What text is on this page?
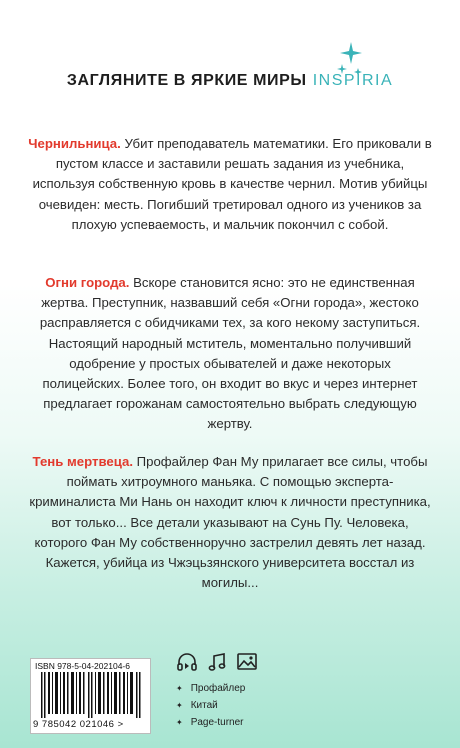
ЗАГЛЯНИТЕ В ЯРКИЕ МИРЫ INSPIRIA
Чернильница. Убит преподаватель математики. Его приковали в пустом классе и заставили решать задания из учебника, используя собственную кровь в качестве чернил. Мотив убийцы очевиден: месть. Погибший третировал одного из учеников за плохую успеваемость, и мальчик покончил с собой.
Огни города. Вскоре становится ясно: это не единственная жертва. Преступник, назвавший себя «Огни города», жестоко расправляется с обидчиками тех, за кого некому заступиться. Настоящий народный мститель, моментально получивший одобрение у простых обывателей и даже некоторых полицейских. Более того, он входит во вкус и через интернет предлагает горожанам самостоятельно выбрать следующую жертву.
Тень мертвеца. Профайлер Фан Му прилагает все силы, чтобы поймать хитроумного маньяка. С помощью эксперта-криминалиста Ми Нань он находит ключ к личности преступника, вот только... Все детали указывают на Сунь Пу. Человека, которого Фан Му собственноручно застрелил девять лет назад. Кажется, убийца из Чжэцьзянского университета восстал из могилы...
ISBN 978-5-04-202104-6
9 785042 021046 >
✦ Профайлер
✦ Китай
✦ Page-turner
